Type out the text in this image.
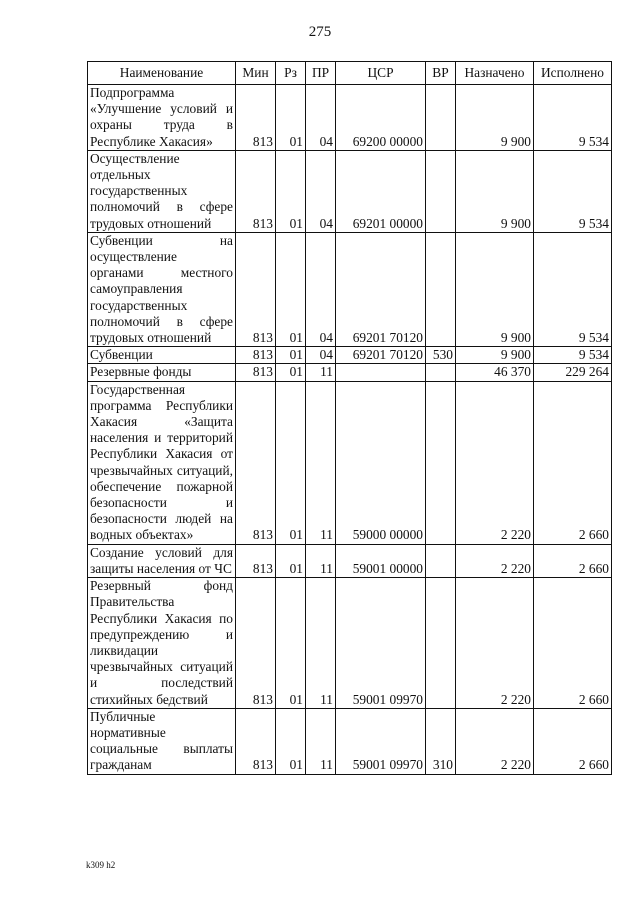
275
Наименование	Мин	Рз	ПР	ЦСР	ВР	Назначено	Исполнено
Подпрограмма «Улучшение условий и охраны труда в Республике Хакасия»	813	01	04	69200 00000		9 900	9 534
Осуществление отдельных государственных полномочий в сфере трудовых отношений	813	01	04	69201 00000		9 900	9 534
Субвенции на осуществление органами местного самоуправления государственных полномочий в сфере трудовых отношений	813	01	04	69201 70120		9 900	9 534
Субвенции	813	01	04	69201 70120	530	9 900	9 534
Резервные фонды	813	01	11			46 370	229 264
Государственная программа Республики Хакасия «Защита населения и территорий Республики Хакасия от чрезвычайных ситуаций, обеспечение пожарной безопасности и безопасности людей на водных объектах»	813	01	11	59000 00000		2 220	2 660
Создание условий для защиты населения от ЧС	813	01	11	59001 00000		2 220	2 660
Резервный фонд Правительства Республики Хакасия по предупреждению и ликвидации чрезвычайных ситуаций и последствий стихийных бедствий	813	01	11	59001 09970		2 220	2 660
Публичные нормативные социальные выплаты гражданам	813	01	11	59001 09970	310	2 220	2 660
k309 h2
